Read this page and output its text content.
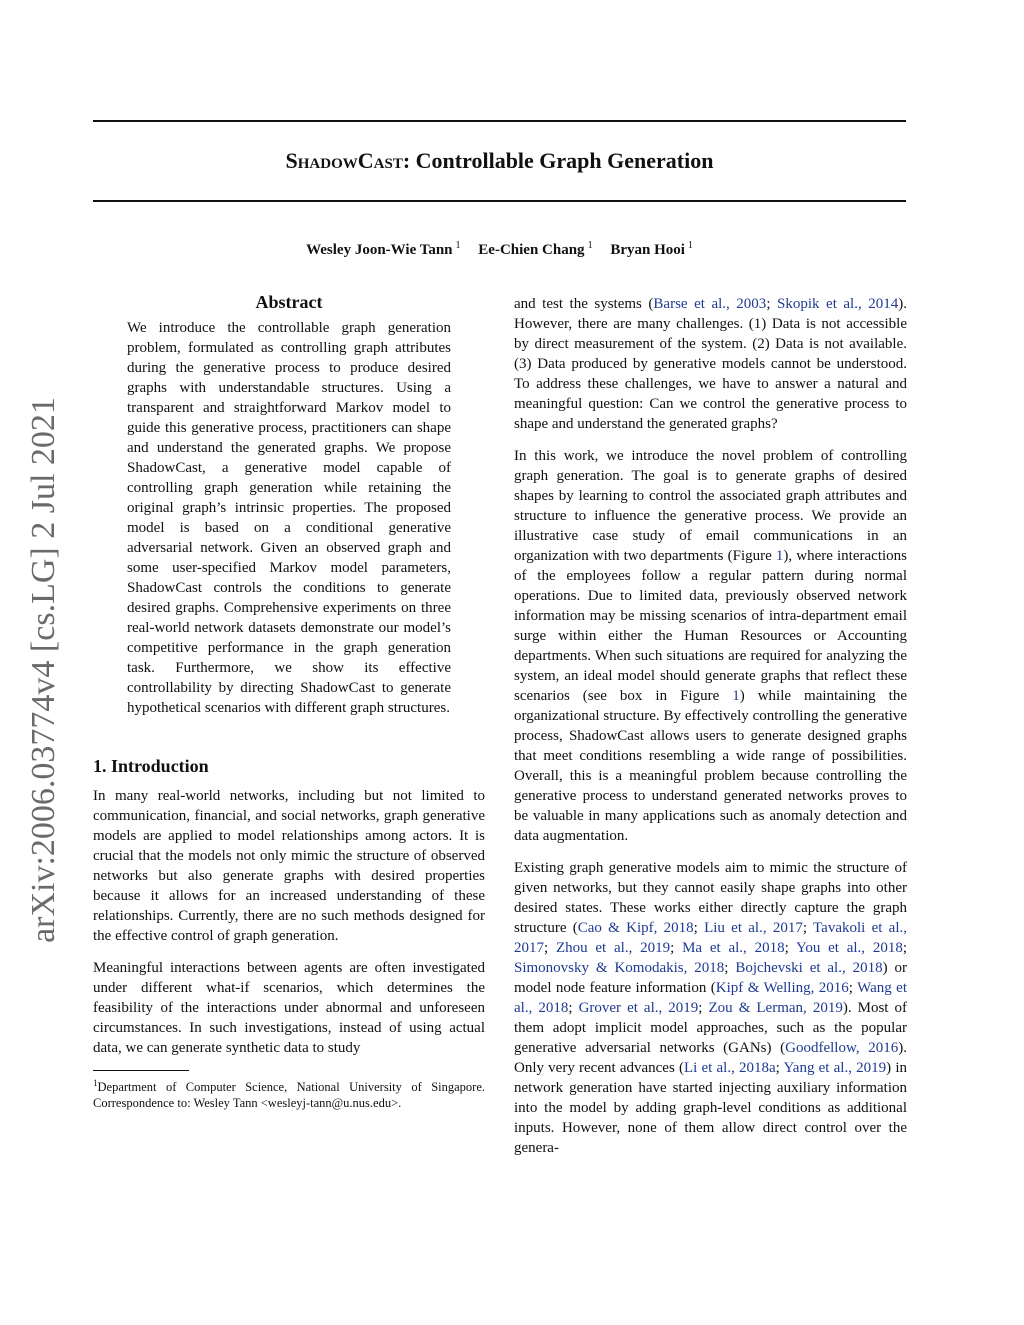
ShadowCast: Controllable Graph Generation
Wesley Joon-Wie Tann $^1$ Ee-Chien Chang $^1$ Bryan Hooi $^1$
arXiv:2006.03774v4 [cs.LG] 2 Jul 2021
Abstract

We introduce the controllable graph generation problem, formulated as controlling graph attributes during the generative process to produce desired graphs with understandable structures. Using a transparent and straightforward Markov model to guide this generative process, practitioners can shape and understand the generated graphs. We propose ShadowCast, a generative model capable of controlling graph generation while retaining the original graph’s intrinsic properties. The proposed model is based on a conditional generative adversarial network. Given an observed graph and some user-specified Markov model parameters, ShadowCast controls the conditions to generate desired graphs. Comprehensive experiments on three real-world network datasets demonstrate our model’s competitive performance in the graph generation task. Furthermore, we show its effective controllability by directing ShadowCast to generate hypothetical scenarios with different graph structures.

1. Introduction

In many real-world networks, including but not limited to communication, financial, and social networks, graph generative models are applied to model relationships among actors. It is crucial that the models not only mimic the structure of observed networks but also generate graphs with desired properties because it allows for an increased understanding of these relationships. Currently, there are no such methods designed for the effective control of graph generation.

Meaningful interactions between agents are often investigated under different what-if scenarios, which determines the feasibility of the interactions under abnormal and unforeseen circumstances. In such investigations, instead of using actual data, we can generate synthetic data to study

$^1$Department of Computer Science, National University of Singapore. Correspondence to: Wesley Tann <wesleyj-tann@u.nus.edu>.

and test the systems (Barse et al., 2003; Skopik et al., 2014). However, there are many challenges. (1) Data is not accessible by direct measurement of the system. (2) Data is not available. (3) Data produced by generative models cannot be understood. To address these challenges, we have to answer a natural and meaningful question: Can we control the generative process to shape and understand the generated graphs?

In this work, we introduce the novel problem of controlling graph generation. The goal is to generate graphs of desired shapes by learning to control the associated graph attributes and structure to influence the generative process. We provide an illustrative case study of email communications in an organization with two departments (Figure 1), where interactions of the employees follow a regular pattern during normal operations. Due to limited data, previously observed network information may be missing scenarios of intra-department email surge within either the Human Resources or Accounting departments. When such situations are required for analyzing the system, an ideal model should generate graphs that reflect these scenarios (see box in Figure 1) while maintaining the organizational structure. By effectively controlling the generative process, ShadowCast allows users to generate designed graphs that meet conditions resembling a wide range of possibilities. Overall, this is a meaningful problem because controlling the generative process to understand generated networks proves to be valuable in many applications such as anomaly detection and data augmentation.

Existing graph generative models aim to mimic the structure of given networks, but they cannot easily shape graphs into other desired states. These works either directly capture the graph structure (Cao & Kipf, 2018; Liu et al., 2017; Tavakoli et al., 2017; Zhou et al., 2019; Ma et al., 2018; You et al., 2018; Simonovsky & Komodakis, 2018; Bojchevski et al., 2018) or model node feature information (Kipf & Welling, 2016; Wang et al., 2018; Grover et al., 2019; Zou & Lerman, 2019). Most of them adopt implicit model approaches, such as the popular generative adversarial networks (GANs) (Goodfellow, 2016). Only very recent advances (Li et al., 2018a; Yang et al., 2019) in network generation have started injecting auxiliary information into the model by adding graph-level conditions as additional inputs. However, none of them allow direct control over the genera-
